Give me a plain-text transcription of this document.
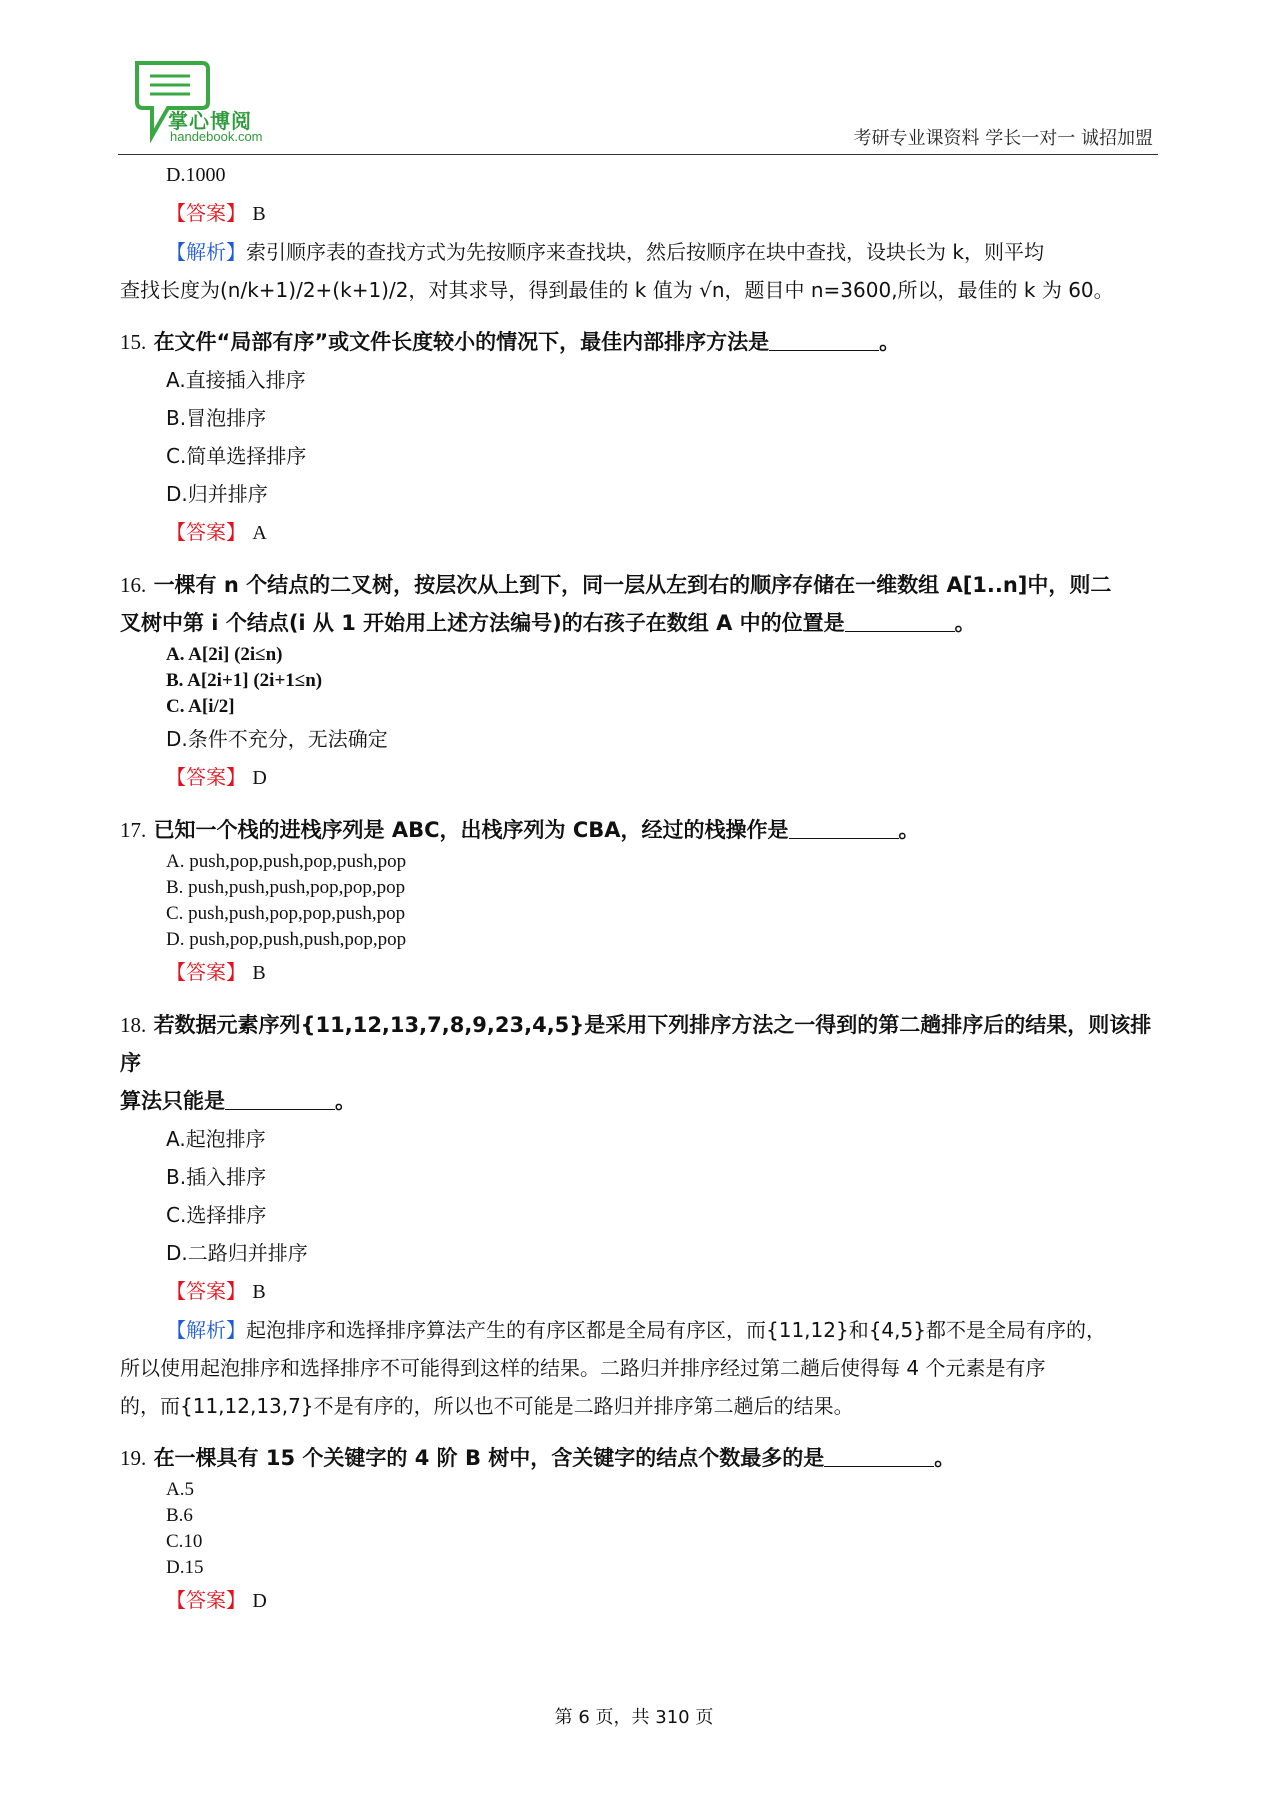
掌心博阅
handebook.com	考研专业课资料 学长一对一 诚招加盟
D.1000
【答案】 B
【解析】索引顺序表的查找方式为先按顺序来查找块，然后按顺序在块中查找，设块长为 k，则平均
查找长度为(n/k+1)/2+(k+1)/2，对其求导，得到最佳的 k 值为 √n，题目中 n=3600,所以，最佳的 k 为 60。
15. 在文件“局部有序”或文件长度较小的情况下，最佳内部排序方法是	。
A.直接插入排序
B.冒泡排序
C.简单选择排序
D.归并排序
【答案】 A
16. 一棵有 n 个结点的二叉树，按层次从上到下，同一层从左到右的顺序存储在一维数组 A[1..n]中，则二
叉树中第 i 个结点(i 从 1 开始用上述方法编号)的右孩子在数组 A 中的位置是	。
A. A[2i] (2i≤n)
B. A[2i+1] (2i+1≤n)
C. A[i/2]
D.条件不充分，无法确定
【答案】 D
17. 已知一个栈的进栈序列是 ABC，出栈序列为 CBA，经过的栈操作是	。
A. push,pop,push,pop,push,pop
B. push,push,push,pop,pop,pop
C. push,push,pop,pop,push,pop
D. push,pop,push,push,pop,pop
【答案】 B
18. 若数据元素序列{11,12,13,7,8,9,23,4,5}是采用下列排序方法之一得到的第二趟排序后的结果，则该排序
算法只能是	。
A.起泡排序
B.插入排序
C.选择排序
D.二路归并排序
【答案】 B
【解析】起泡排序和选择排序算法产生的有序区都是全局有序区，而{11,12}和{4,5}都不是全局有序的，
所以使用起泡排序和选择排序不可能得到这样的结果。二路归并排序经过第二趟后使得每 4 个元素是有序
的，而{11,12,13,7}不是有序的，所以也不可能是二路归并排序第二趟后的结果。
19. 在一棵具有 15 个关键字的 4 阶 B 树中，含关键字的结点个数最多的是	。
A.5
B.6
C.10
D.15
【答案】 D
第 6 页，共 310 页
